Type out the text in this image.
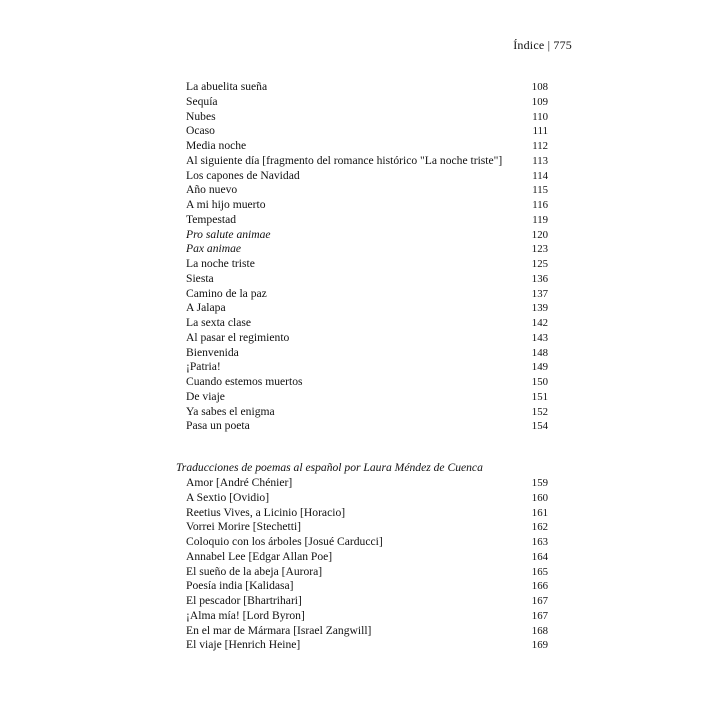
Índice | 775
La abuelita sueña	108
Sequía	109
Nubes	110
Ocaso	111
Media noche	112
Al siguiente día [fragmento del romance histórico "La noche triste"]	113
Los capones de Navidad	114
Año nuevo	115
A mi hijo muerto	116
Tempestad	119
Pro salute animae	120
Pax animae	123
La noche triste	125
Siesta	136
Camino de la paz	137
A Jalapa	139
La sexta clase	142
Al pasar el regimiento	143
Bienvenida	148
¡Patria!	149
Cuando estemos muertos	150
De viaje	151
Ya sabes el enigma	152
Pasa un poeta	154
Traducciones de poemas al español por Laura Méndez de Cuenca
Amor [André Chénier]	159
A Sextio [Ovidio]	160
Reetius Vives, a Licinio [Horacio]	161
Vorrei Morire [Stechetti]	162
Coloquio con los árboles [Josué Carducci]	163
Annabel Lee [Edgar Allan Poe]	164
El sueño de la abeja [Aurora]	165
Poesía india [Kalidasa]	166
El pescador [Bhartrihari]	167
¡Alma mía! [Lord Byron]	167
En el mar de Mármara [Israel Zangwill]	168
El viaje [Henrich Heine]	169
